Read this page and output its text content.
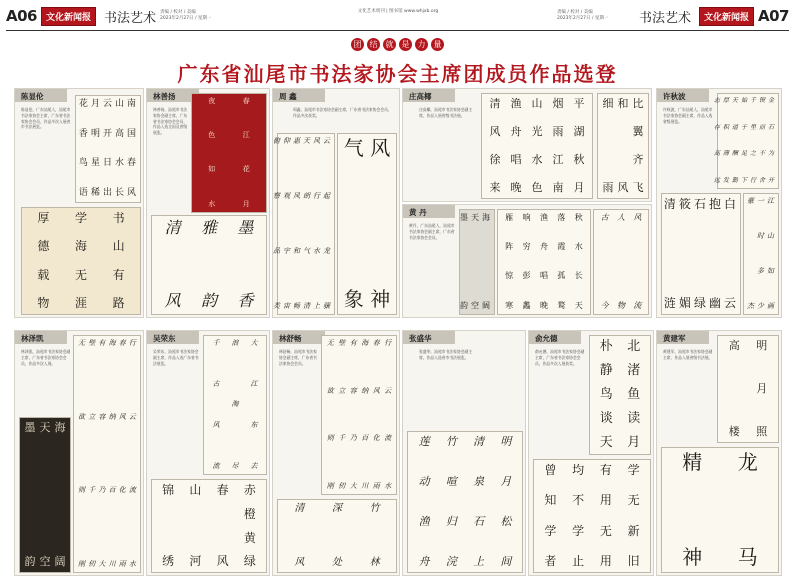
A06	文化新闻报	书法艺术 责编 / 校对 / 美编
2023年2月27日 / 星期一	A07
文化新闻报
书法艺术
责编 / 校对 / 美编
2023年2月27日 / 星期一
文化艺术周刊 | 图书馆 www.whjxb.org
团	结	就	是	力	量
广东省汕尾市书法家协会主席团成员作品选登
陈显伦
陈显伦，广东汕尾人，汕尾市书法家协会主席，广东省书法家协会会员，作品多次入展省市书法展览。
南
国
春
风
山
高
水
长
云
开
日
出
月
明
星
稀
花
香
鸟
语
书
山
有
路
学
海
无
涯
厚
德
载
物
林善扬
林善扬，汕尾市书法家协会副主席，广东省书法家协会会员，作品入选全国及省级展览。
春
江
花
月
夜
色
如
水
墨
香
雅
韵
清
风
周 鑫
周鑫，汕尾市书法家协会副主席，广东省书法家协会会员，作品多次获奖。
云
起
龙
骧
风
行
水
上
天
朗
气
清
惠
风
和
畅
仰
观
宇
宙
俯
察
品
类
风
神
气
象
庄高椰
庄高椰，汕尾市书法家协会副主席，作品入展省级书法展。
平
湖
秋
月
烟
雨
江
南
山
光
水
色
渔
舟
唱
晚
清
风
徐
来
比
翼
齐
飞
和
风
细
雨
许秋波
许秋波，广东汕尾人，汕尾市书法家协会副主席，作品入选省级展览。
金
石
为
开
锲
而
不
舍
千
里
之
行
始
于
足
下
天
道
酬
勤
厚
积
薄
发
志
存
高
远
白
云
抱
幽
石
绿
筱
媚
清
涟
江
山
如
画
一
时
多
少
豪
杰
黄 丹
黄丹，广东汕尾人，汕尾市书法家协会副主席，广东省书法家协会会员。
海
阔
天
空
墨
韵
秋
水
长
天
落
霞
孤
鹜
渔
舟
唱
晚
响
穷
彭
蠡
雁
阵
惊
寒
风
流
人
物
古
今
林泽凯
林泽凯，汕尾市书法家协会副主席，广东省书法家协会会员，作品多次入展。
海
阔
天
空
墨
韵
行
云
流
水
春
风
化
雨
海
纳
百
川
有
容
乃
大
壁
立
千
仞
无
欲
则
刚
吴荣东
吴荣东，汕尾市书法家协会副主席，作品入选广东省书法展览。
大
江
东
去
浪
淘
尽
千
古
风
流
赤
橙
黄
绿
春
风
山
河
锦
绣
林舒畅
林舒畅，汕尾市书法家协会副主席，广东省书法家协会会员。
行
云
流
水
春
风
化
雨
海
纳
百
川
有
容
乃
大
壁
立
千
仞
无
欲
则
刚
竹
林
深
处
清
风
张盛华
张盛华，汕尾市书法家协会副主席，作品入选省市书法展览。
明
月
松
间
清
泉
石
上
竹
喧
归
浣
莲
动
渔
舟
俞允德
俞允德，汕尾市书法家协会副主席，广东省书法家协会会员，作品多次入展获奖。
北
渚
鱼
读
月
朴
静
鸟
谈
天
学
无
新
旧
有
用
无
用
均
不
学
止
曾
知
学
者
黄建军
黄建军，汕尾市书法家协会副主席，作品入展省级书法展。
明
月
照
高
楼
龙
马
精
神
